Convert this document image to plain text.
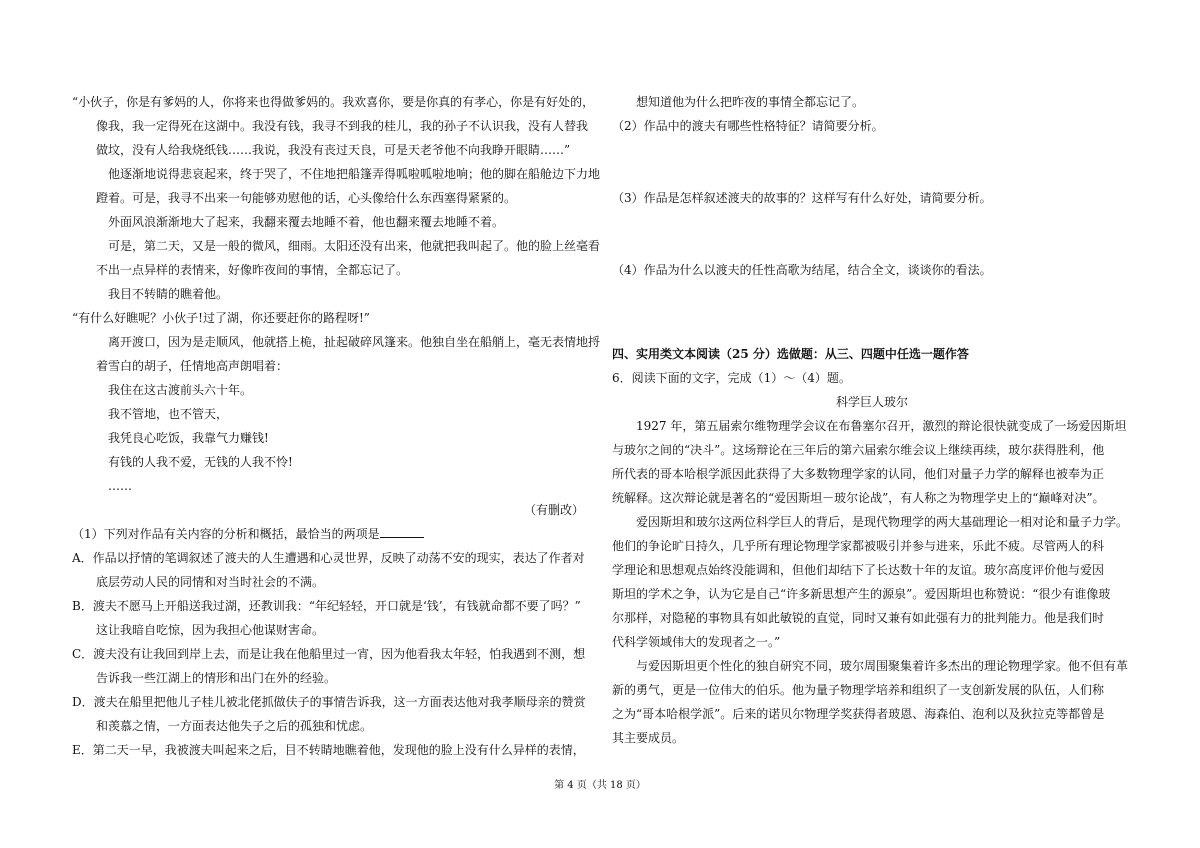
“小伙子，你是有爹妈的人，你将来也得做爹妈的。我欢喜你，要是你真的有孝心，你是有好处的，

像我，我一定得死在这湖中。我没有钱，我寻不到我的桂儿，我的孙子不认识我，没有人替我

做坟，没有人给我烧纸钱……我说，我没有丧过天良，可是天老爷他不向我睁开眼睛……”

他逐渐地说得悲哀起来，终于哭了，不住地把船篷弄得呱啦呱啦地响；他的脚在船舱边下力地

蹬着。可是，我寻不出来一句能够劝慰他的话，心头像给什么东西塞得紧紧的。

外面风浪渐渐地大了起来，我翻来覆去地睡不着，他也翻来覆去地睡不着。

可是，第二天，又是一般的微风，细雨。太阳还没有出来，他就把我叫起了。他的脸上丝毫看

不出一点异样的表情来，好像昨夜间的事情，全都忘记了。

我目不转睛的瞧着他。

“有什么好瞧呢？小伙子!过了湖，你还要赶你的路程呀!”

离开渡口，因为是走顺风，他就搭上桅，扯起破碎风篷来。他独自坐在船艄上，毫无表情地捋

着雪白的胡子，任情地高声朗唱着：

我住在这古渡前头六十年。

我不管地，也不管天，

我凭良心吃饭，我靠气力赚钱!

有钱的人我不爱，无钱的人我不怜!

……

（有删改）

（1）下列对作品有关内容的分析和概括，最恰当的两项是

A．作品以抒情的笔调叙述了渡夫的人生遭遇和心灵世界，反映了动荡不安的现实，表达了作者对

底层劳动人民的同情和对当时社会的不满。

B．渡夫不愿马上开船送我过湖，还教训我：“年纪轻轻，开口就是‘钱’，有钱就命都不要了吗？”

这让我暗自吃惊，因为我担心他谋财害命。

C．渡夫没有让我回到岸上去，而是让我在他船里过一宵，因为他看我太年轻，怕我遇到不测，想

告诉我一些江湖上的情形和出门在外的经验。

D．渡夫在船里把他儿子桂儿被北佬抓做伕子的事情告诉我，这一方面表达他对我孝顺母亲的赞赏

和羡慕之情，一方面表达他失子之后的孤独和忧虑。

E．第二天一早，我被渡夫叫起来之后，目不转睛地瞧着他，发现他的脸上没有什么异样的表情，

想知道他为什么把昨夜的事情全都忘记了。

（2）作品中的渡夫有哪些性格特征？请简要分析。

（3）作品是怎样叙述渡夫的故事的？这样写有什么好处，请简要分析。

（4）作品为什么以渡夫的任性高歌为结尾，结合全文，谈谈你的看法。

四、实用类文本阅读（25 分）选做题：从三、四题中任选一题作答

6．阅读下面的文字，完成（1）～（4）题。

科学巨人玻尔

1927 年，第五届索尔维物理学会议在布鲁塞尔召开，激烈的辩论很快就变成了一场爱因斯坦

与玻尔之间的“决斗”。这场辩论在三年后的第六届索尔维会议上继续再续，玻尔获得胜利，他

所代表的哥本哈根学派因此获得了大多数物理学家的认同，他们对量子力学的解释也被奉为正

统解释。这次辩论就是著名的“爱因斯坦－玻尔论战”，有人称之为物理学史上的“巅峰对决”。

爱因斯坦和玻尔这两位科学巨人的背后，是现代物理学的两大基础理论一相对论和量子力学。

他们的争论旷日持久，几乎所有理论物理学家都被吸引并参与进来，乐此不疲。尽管两人的科

学理论和思想观点始终没能调和，但他们却结下了长达数十年的友谊。玻尔高度评价他与爱因

斯坦的学术之争，认为它是自己“许多新思想产生的源泉”。爱因斯坦也称赞说：“很少有谁像玻

尔那样，对隐秘的事物具有如此敏锐的直觉，同时又兼有如此强有力的批判能力。他是我们时

代科学领域伟大的发现者之一。”

与爱因斯坦更个性化的独自研究不同，玻尔周围聚集着许多杰出的理论物理学家。他不但有革

新的勇气，更是一位伟大的伯乐。他为量子物理学培养和组织了一支创新发展的队伍，人们称

之为“哥本哈根学派”。后来的诺贝尔物理学奖获得者玻恩、海森伯、泡利以及狄拉克等都曾是

其主要成员。

第 4 页（共 18 页）
